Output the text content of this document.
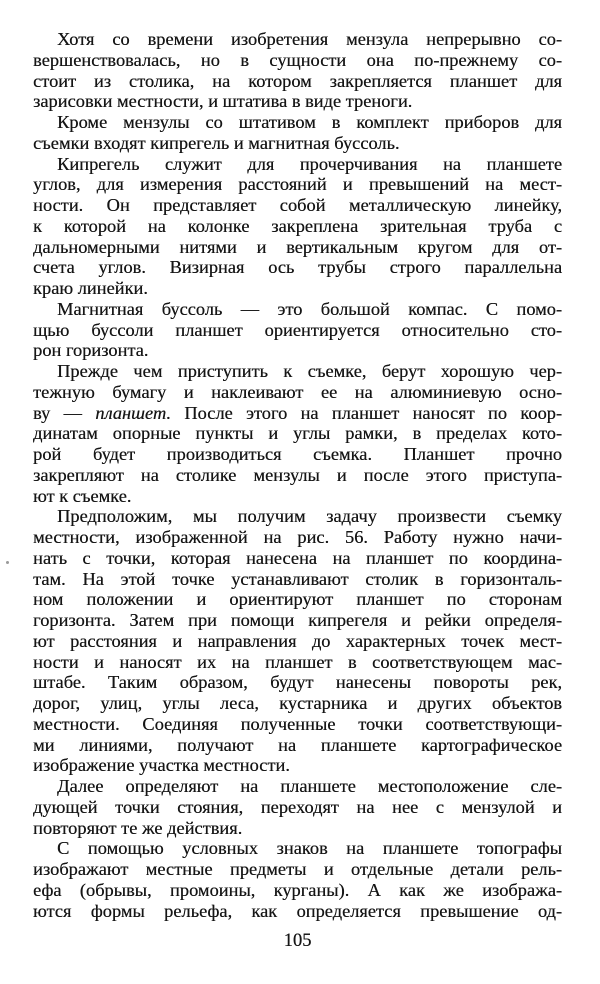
Хотя со времени изобретения мензула непрерывно со-
вершенствовалась, но в сущности она по-прежнему со-
стоит из столика, на котором закрепляется планшет для
зарисовки местности, и штатива в виде треноги.
Кроме мензулы со штативом в комплект приборов для
съемки входят кипрегель и магнитная буссоль.
Кипрегель служит для прочерчивания на планшете
углов, для измерения расстояний и превышений на мест-
ности. Он представляет собой металлическую линейку,
к которой на колонке закреплена зрительная труба с
дальномерными нитями и вертикальным кругом для от-
счета углов. Визирная ось трубы строго параллельна
краю линейки.
Магнитная буссоль — это большой компас. С помо-
щью буссоли планшет ориентируется относительно сто-
рон горизонта.
Прежде чем приступить к съемке, берут хорошую чер-
тежную бумагу и наклеивают ее на алюминиевую осно-
ву — планшет. После этого на планшет наносят по коор-
динатам опорные пункты и углы рамки, в пределах кото-
рой будет производиться съемка. Планшет прочно
закрепляют на столике мензулы и после этого приступа-
ют к съемке.
Предположим, мы получим задачу произвести съемку
местности, изображенной на рис. 56. Работу нужно начи-
нать с точки, которая нанесена на планшет по координа-
там. На этой точке устанавливают столик в горизонталь-
ном положении и ориентируют планшет по сторонам
горизонта. Затем при помощи кипрегеля и рейки определя-
ют расстояния и направления до характерных точек мест-
ности и наносят их на планшет в соответствующем мас-
штабе. Таким образом, будут нанесены повороты рек,
дорог, улиц, углы леса, кустарника и других объектов
местности. Соединяя полученные точки соответствующи-
ми линиями, получают на планшете картографическое
изображение участка местности.
Далее определяют на планшете местоположение сле-
дующей точки стояния, переходят на нее с мензулой и
повторяют те же действия.
С помощью условных знаков на планшете топографы
изображают местные предметы и отдельные детали рель-
ефа (обрывы, промоины, курганы). А как же изобража-
ются формы рельефа, как определяется превышение од-
105
